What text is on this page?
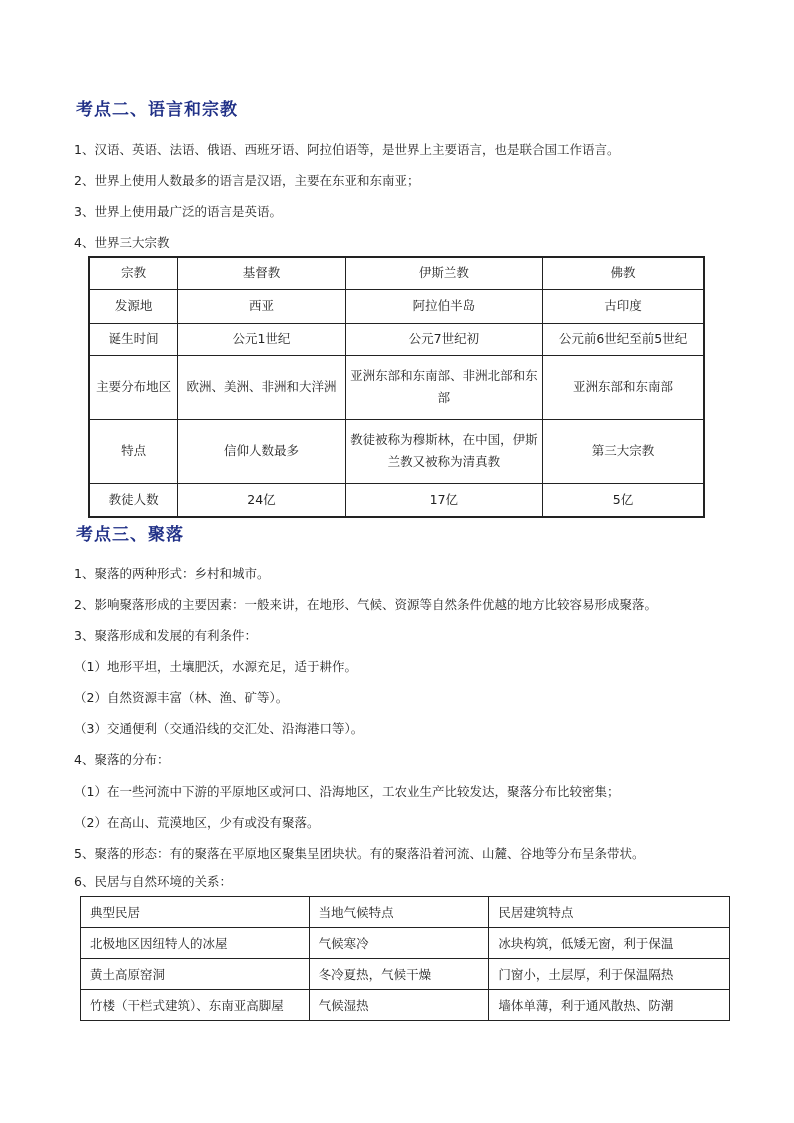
考点二、语言和宗教
1、汉语、英语、法语、俄语、西班牙语、阿拉伯语等，是世界上主要语言，也是联合国工作语言。
2、世界上使用人数最多的语言是汉语，主要在东亚和东南亚；
3、世界上使用最广泛的语言是英语。
4、世界三大宗教
宗教	基督教	伊斯兰教	佛教
发源地	西亚	阿拉伯半岛	古印度
诞生时间	公元1世纪	公元7世纪初	公元前6世纪至前5世纪
主要分布地区	欧洲、美洲、非洲和大洋洲	亚洲东部和东南部、非洲北部和东部	亚洲东部和东南部
特点	信仰人数最多	教徒被称为穆斯林，在中国，伊斯兰教又被称为清真教	第三大宗教
教徒人数	24亿	17亿	5亿
考点三、聚落
1、聚落的两种形式：乡村和城市。
2、影响聚落形成的主要因素：一般来讲，在地形、气候、资源等自然条件优越的地方比较容易形成聚落。
3、聚落形成和发展的有利条件：
（1）地形平坦，土壤肥沃，水源充足，适于耕作。
（2）自然资源丰富（林、渔、矿等）。
（3）交通便利（交通沿线的交汇处、沿海港口等）。
4、聚落的分布：
（1）在一些河流中下游的平原地区或河口、沿海地区，工农业生产比较发达，聚落分布比较密集；
（2）在高山、荒漠地区，少有或没有聚落。
5、聚落的形态：有的聚落在平原地区聚集呈团块状。有的聚落沿着河流、山麓、谷地等分布呈条带状。
6、民居与自然环境的关系：
典型民居	当地气候特点	民居建筑特点
北极地区因纽特人的冰屋	气候寒冷	冰块构筑，低矮无窗，利于保温
黄土高原窑洞	冬冷夏热，气候干燥	门窗小，土层厚，利于保温隔热
竹楼（干栏式建筑）、东南亚高脚屋	气候湿热	墙体单薄，利于通风散热、防潮
